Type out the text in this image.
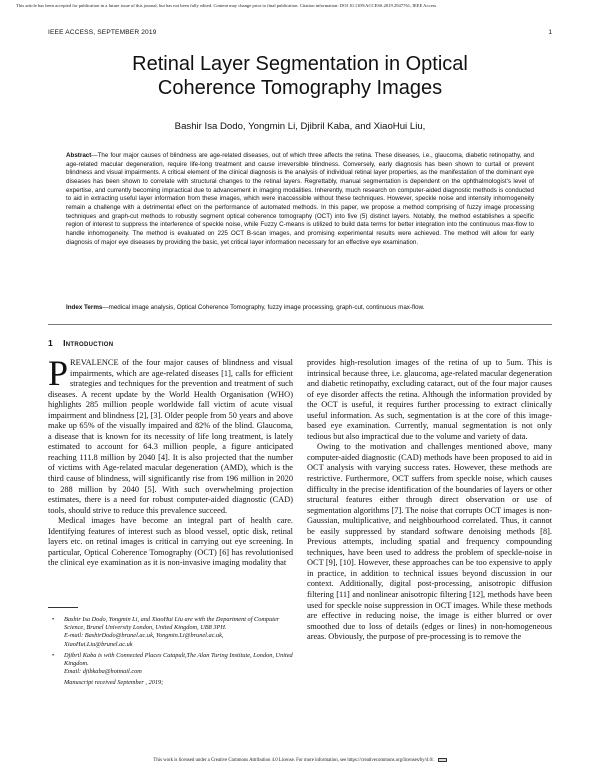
This article has been accepted for publication in a future issue of this journal, but has not been fully edited. Content may change prior to final publication. Citation information: DOI 10.1109/ACCESS.2019.2947761, IEEE Access
IEEE ACCESS, SEPTEMBER 2019	1
Retinal Layer Segmentation in Optical
Coherence Tomography Images
Bashir Isa Dodo, Yongmin Li, Djibril Kaba, and XiaoHui Liu,
Abstract—The four major causes of blindness are age-related diseases, out of which three affects the retina. These diseases, i.e., glaucoma, diabetic retinopathy, and age-related macular degeneration, require life-long treatment and cause irreversible blindness. Conversely, early diagnosis has been shown to curtail or prevent blindness and visual impairments. A critical element of the clinical diagnosis is the analysis of individual retinal layer properties, as the manifestation of the dominant eye diseases has been shown to correlate with structural changes to the retinal layers. Regrettably, manual segmentation is dependent on the ophthalmologist's level of expertise, and currently becoming impractical due to advancement in imaging modalities. Inherently, much research on computer-aided diagnostic methods is conducted to aid in extracting useful layer information from these images, which were inaccessible without these techniques. However, speckle noise and intensity inhomogeneity remain a challenge with a detrimental effect on the performance of automated methods. In this paper, we propose a method comprising of fuzzy image processing techniques and graph-cut methods to robustly segment optical coherence tomography (OCT) into five (5) distinct layers. Notably, the method establishes a specific region of interest to suppress the interference of speckle noise, while Fuzzy C-means is utilized to build data terms for better integration into the continuous max-flow to handle inhomogeneity. The method is evaluated on 225 OCT B-scan images, and promising experimental results were achieved. The method will allow for early diagnosis of major eye diseases by providing the basic, yet critical layer information necessary for an effective eye examination.
Index Terms—medical image analysis, Optical Coherence Tomography, fuzzy image processing, graph-cut, continuous max-flow.
1 Introduction

PREVALENCE of the four major causes of blindness and visual impairments, which are age-related diseases [1], calls for efficient strategies and techniques for the prevention and treatment of such diseases. A recent update by the World Health Organisation (WHO) highlights 285 million people worldwide fall victim of acute visual impairment and blindness [2], [3]. Older people from 50 years and above make up 65% of the visually impaired and 82% of the blind. Glaucoma, a disease that is known for its necessity of life long treatment, is lately estimated to account for 64.3 million people, a figure anticipated reaching 111.8 million by 2040 [4]. It is also projected that the number of victims with Age-related macular degeneration (AMD), which is the third cause of blindness, will significantly rise from 196 million in 2020 to 288 million by 2040 [5]. With such overwhelming projection estimates, there is a need for robust computer-aided diagnostic (CAD) tools, should strive to reduce this prevalence succeed.

Medical images have become an integral part of health care. Identifying features of interest such as blood vessel, optic disk, retinal layers etc. on retinal images is critical in carrying out eye screening. In particular, Optical Coherence Tomography (OCT) [6] has revolutionised the clinical eye examination as it is non-invasive imaging modality that

• Bashir Isa Dodo, Yongmin Li, and XiaoHui Liu are with the Department of Computer Science, Brunel University London, United Kingdom, UB8 3PH.
E-mail: BashirDodo@brunel.ac.uk, Yongmin.Li@brunel.ac.uk, XiaoHui.Liu@brunel.ac.uk
• Djibril Kaba is with Connected Places Catapult,The Alan Turing Institute, London, United Kingdom.
Email: djibkaba@hotmail.com
Manuscript received September , 2019;

provides high-resolution images of the retina of up to 5um. This is intrinsical because three, i.e. glaucoma, age-related macular degeneration and diabetic retinopathy, excluding cataract, out of the four major causes of eye disorder affects the retina. Although the information provided by the OCT is useful, it requires further processing to extract clinically useful information. As such, segmentation is at the core of this image-based eye examination. Currently, manual segmentation is not only tedious but also impractical due to the volume and variety of data.

Owing to the motivation and challenges mentioned above, many computer-aided diagnostic (CAD) methods have been proposed to aid in OCT analysis with varying success rates. However, these methods are restrictive. Furthermore, OCT suffers from speckle noise, which causes difficulty in the precise identification of the boundaries of layers or other structural features either through direct observation or use of segmentation algorithms [7]. The noise that corrupts OCT images is non-Gaussian, multiplicative, and neighbourhood correlated. Thus, it cannot be easily suppressed by standard software denoising methods [8]. Previous attempts, including spatial and frequency compounding techniques, have been used to address the problem of speckle-noise in OCT [9], [10]. However, these approaches can be too expensive to apply in practice, in addition to technical issues beyond discussion in our context. Additionally, digital post-processing, anisotropic diffusion filtering [11] and nonlinear anisotropic filtering [12], methods have been used for speckle noise suppression in OCT images. While these methods are effective in reducing noise, the image is either blurred or over smoothed due to loss of details (edges or lines) in non-homogeneous areas. Obviously, the purpose of pre-processing is to remove the

This work is licensed under a Creative Commons Attribution 4.0 License. For more information, see https://creativecommons.org/licenses/by/4.0/.
